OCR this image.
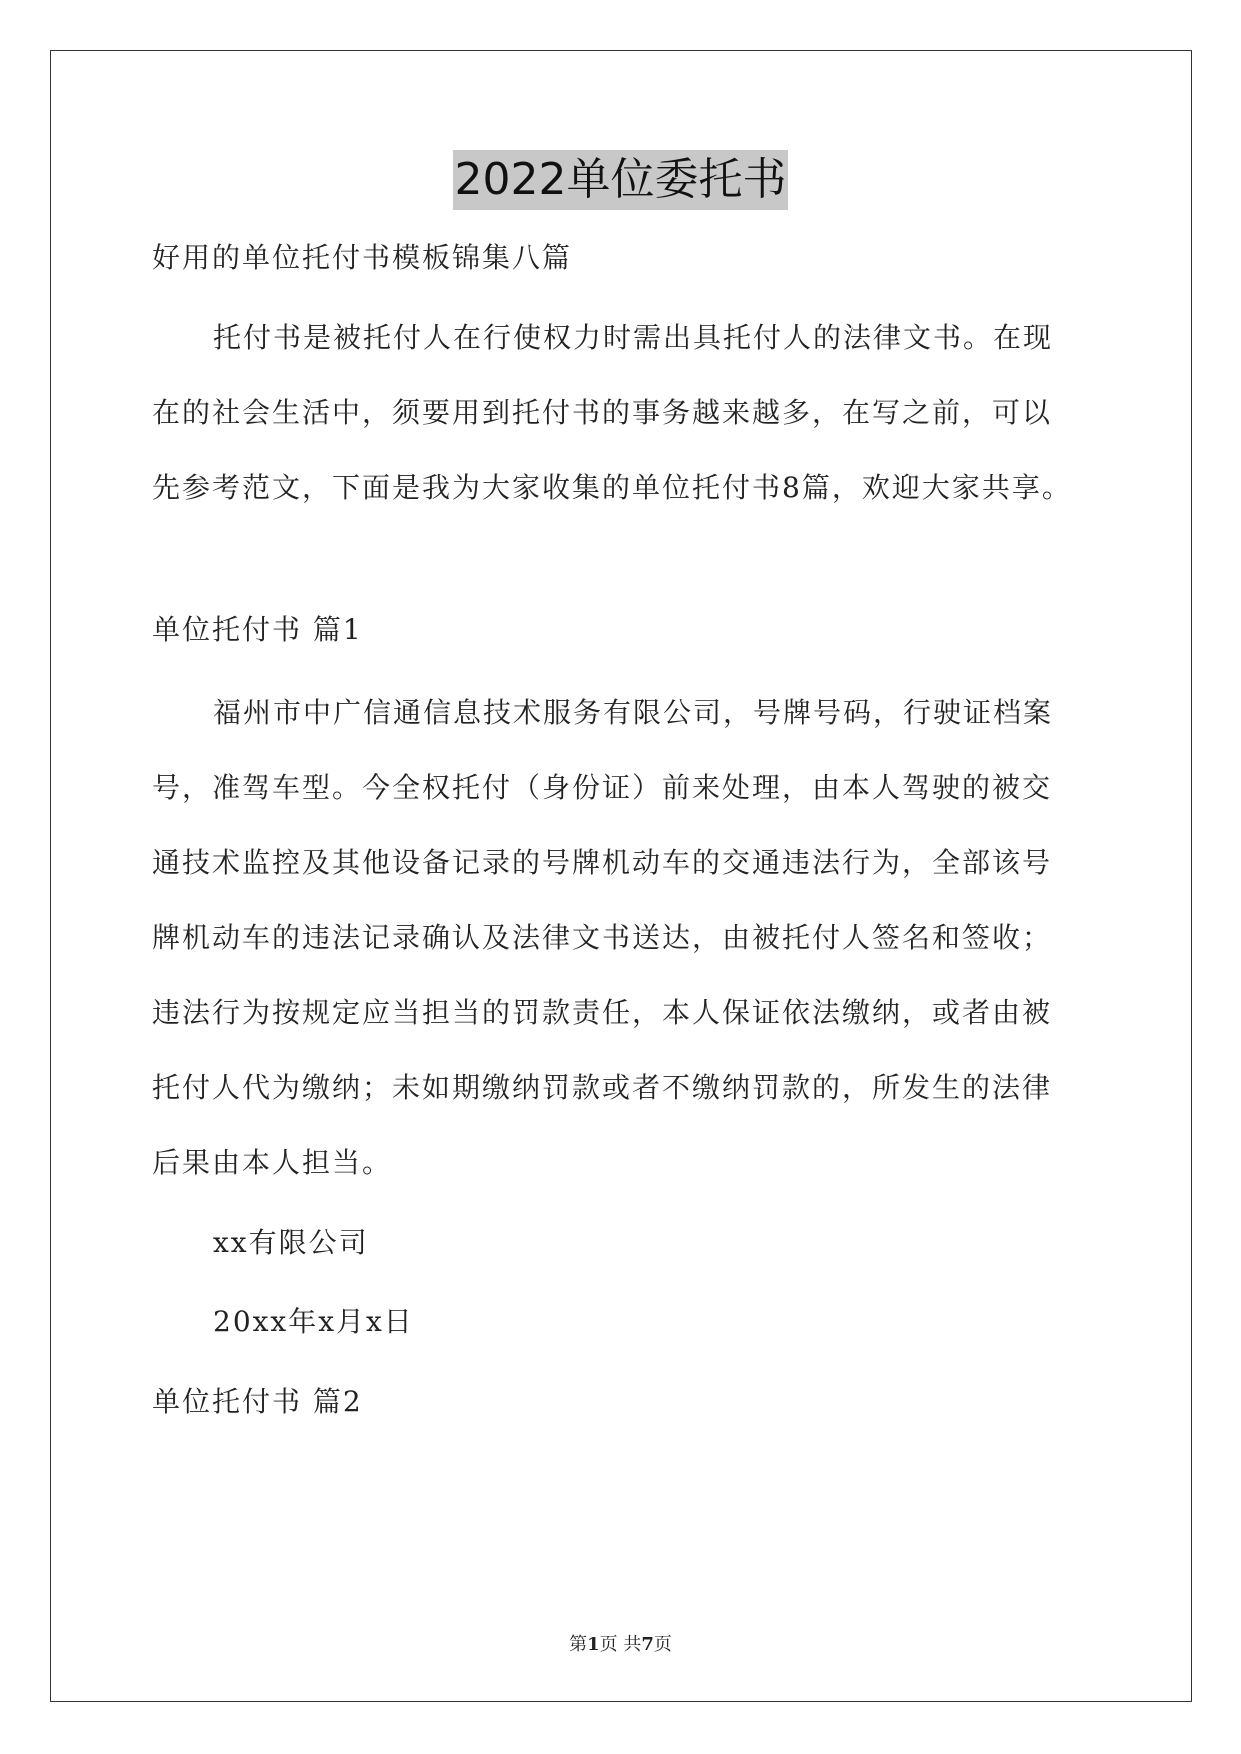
2022单位委托书

好用的单位托付书模板锦集八篇

托付书是被托付人在行使权力时需出具托付人的法律文书。在现

在的社会生活中，须要用到托付书的事务越来越多，在写之前，可以

先参考范文，下面是我为大家收集的单位托付书8篇，欢迎大家共享。

单位托付书 篇1

福州市中广信通信息技术服务有限公司，号牌号码，行驶证档案

号，准驾车型。今全权托付（身份证）前来处理，由本人驾驶的被交

通技术监控及其他设备记录的号牌机动车的交通违法行为，全部该号

牌机动车的违法记录确认及法律文书送达，由被托付人签名和签收；

违法行为按规定应当担当的罚款责任，本人保证依法缴纳，或者由被

托付人代为缴纳；未如期缴纳罚款或者不缴纳罚款的，所发生的法律

后果由本人担当。

xx有限公司

20xx年x月x日

单位托付书 篇2

第1页 共7页
